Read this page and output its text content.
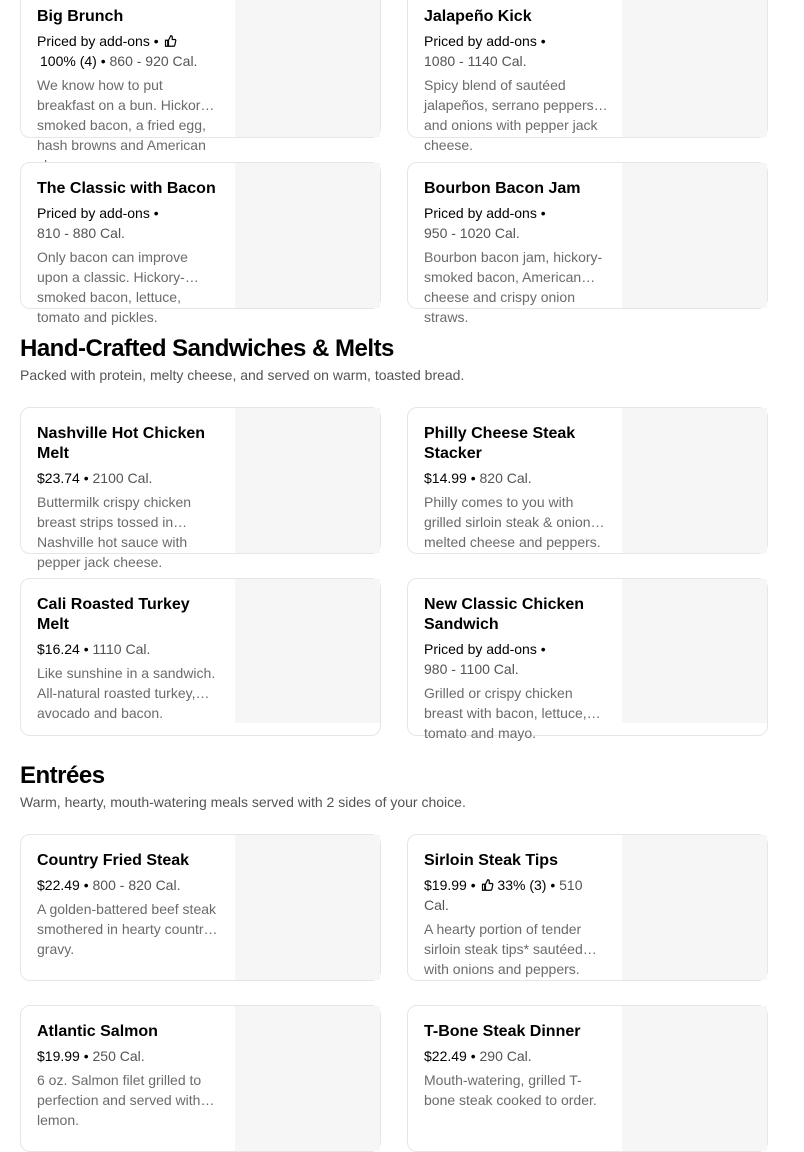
Big Brunch
Priced by add-ons •
100% (4) • 860 - 920 Cal.
We know how to put breakfast on a bun. Hickory-smoked bacon, a fried egg, hash browns and American
Jalapeño Kick
Priced by add-ons •
1080 - 1140 Cal.
Spicy blend of sautéed jalapeños, serrano peppers and onions with pepper jack cheese.
The Classic with Bacon
Priced by add-ons •
810 - 880 Cal.
Only bacon can improve upon a classic. Hickory-smoked bacon, lettuce, tomato and pickles.
Bourbon Bacon Jam
Priced by add-ons •
950 - 1020 Cal.
Bourbon bacon jam, hickory-smoked bacon, American cheese and crispy onion straws.
Hand-Crafted Sandwiches & Melts
Packed with protein, melty cheese, and served on warm, toasted bread.
Nashville Hot Chicken Melt
$23.74 • 2100 Cal.
Buttermilk crispy chicken breast strips tossed in Nashville hot sauce with pepper jack cheese.
Philly Cheese Steak Stacker
$14.99 • 820 Cal.
Philly comes to you with grilled sirloin steak & onions, melted cheese and peppers.
Cali Roasted Turkey Melt
$16.24 • 1110 Cal.
Like sunshine in a sandwich. All-natural roasted turkey, avocado and bacon.
New Classic Chicken Sandwich
Priced by add-ons •
980 - 1100 Cal.
Grilled or crispy chicken breast with bacon, lettuce, tomato and mayo.
Entrées
Warm, hearty, mouth-watering meals served with 2 sides of your choice.
Country Fried Steak
$22.49 • 800 - 820 Cal.
A golden-battered beef steak smothered in hearty country gravy.
Sirloin Steak Tips
$19.99 •  33% (3) • 510 Cal.
A hearty portion of tender sirloin steak tips* sautéed with onions and peppers.
Atlantic Salmon
$19.99 • 250 Cal.
6 oz. Salmon filet grilled to perfection and served with lemon.
T-Bone Steak Dinner
$22.49 • 290 Cal.
Mouth-watering, grilled T-bone steak cooked to order.
